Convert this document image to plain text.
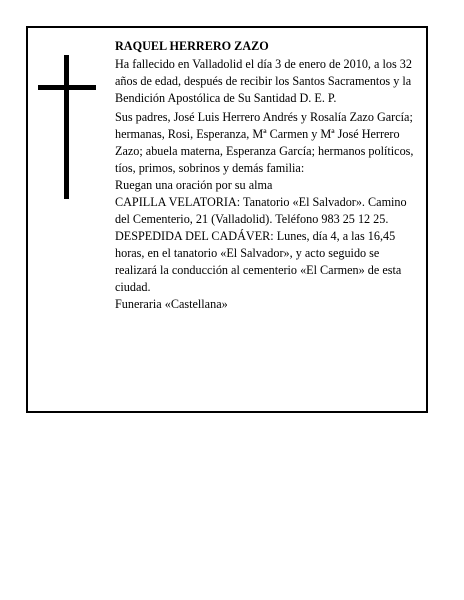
RAQUEL HERRERO ZAZO

Ha fallecido en Valladolid el día 3 de enero de 2010, a los 32 años de edad, después de recibir los Santos Sacramentos y la Bendición Apostólica de Su Santidad D. E. P.

Sus padres, José Luis Herrero Andrés y Rosalía Zazo García; hermanas, Rosi, Esperanza, Mª Carmen y Mª José Herrero Zazo; abuela materna, Esperanza García; hermanos políticos, tíos, primos, sobrinos y demás familia:

Ruegan una oración por su alma

CAPILLA VELATORIA: Tanatorio «El Salvador». Camino del Cementerio, 21 (Valladolid). Teléfono 983 25 12 25.

DESPEDIDA DEL CADÁVER: Lunes, día 4, a las 16,45 horas, en el tanatorio «El Salvador», y acto seguido se realizará la conducción al cementerio «El Carmen» de esta ciudad.

Funeraria «Castellana»
